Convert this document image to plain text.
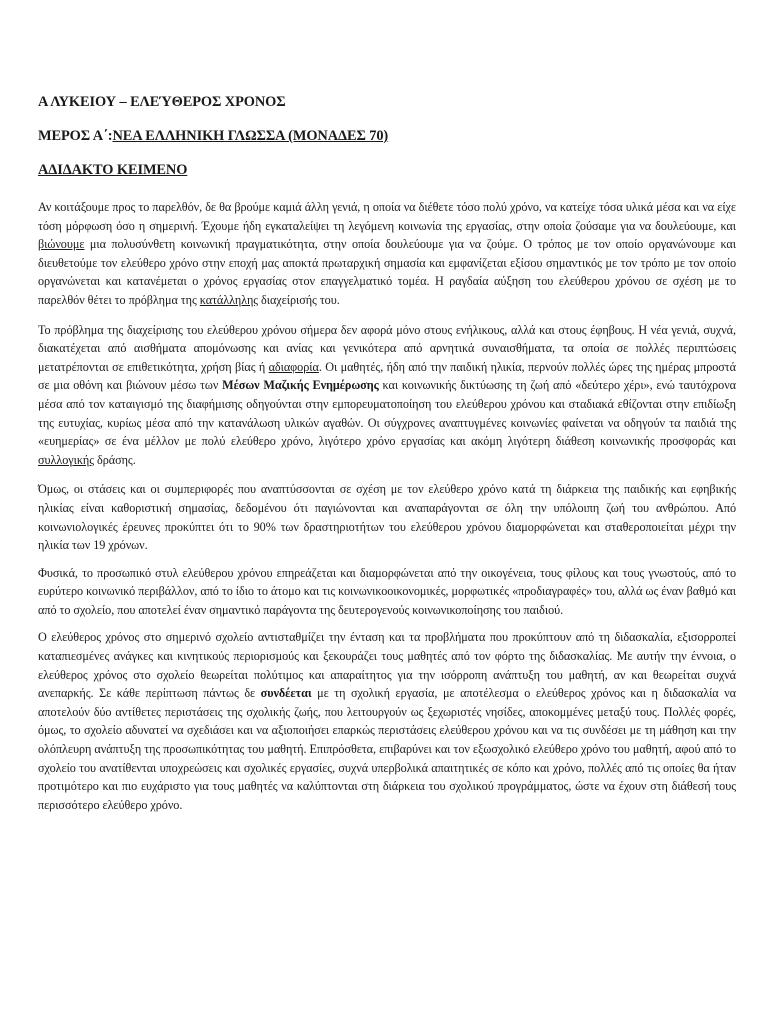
Α ΛΥΚΕΙΟΥ – ΕΛΕΎΘΕΡΟΣ ΧΡΟΝΟΣ
ΜΕΡΟΣ Α΄:ΝΕΑ ΕΛΛΗΝΙΚΗ ΓΛΩΣΣΑ (ΜΟΝΑΔΕΣ 70)
ΑΔΙΔΑΚΤΟ ΚΕΙΜΕΝΟ

Αν κοιτάξουμε προς το παρελθόν, δε θα βρούμε καμιά άλλη γενιά, η οποία να διέθετε τόσο πολύ χρόνο, να κατείχε τόσα υλικά μέσα και να είχε τόση μόρφωση όσο η σημερινή. Έχουμε ήδη εγκαταλείψει τη λεγόμενη κοινωνία της εργασίας, στην οποία ζούσαμε για να δουλεύουμε, και βιώνουμε μια πολυσύνθετη κοινωνική πραγματικότητα, στην οποία δουλεύουμε για να ζούμε. Ο τρόπος με τον οποίο οργανώνουμε και διευθετούμε τον ελεύθερο χρόνο στην εποχή μας αποκτά πρωταρχική σημασία και εμφανίζεται εξίσου σημαντικός με τον τρόπο με τον οποίο οργανώνεται και κατανέμεται ο χρόνος εργασίας στον επαγγελματικό τομέα. Η ραγδαία αύξηση του ελεύθερου χρόνου σε σχέση με το παρελθόν θέτει το πρόβλημα της κατάλληλης διαχείρισής του.

Το πρόβλημα της διαχείρισης του ελεύθερου χρόνου σήμερα δεν αφορά μόνο στους ενήλικους, αλλά και στους έφηβους. Η νέα γενιά, συχνά, διακατέχεται από αισθήματα απομόνωσης και ανίας και γενικότερα από αρνητικά συναισθήματα, τα οποία σε πολλές περιπτώσεις μετατρέπονται σε επιθετικότητα, χρήση βίας ή αδιαφορία. Οι μαθητές, ήδη από την παιδική ηλικία, περνούν πολλές ώρες της ημέρας μπροστά σε μια οθόνη και βιώνουν μέσω των Μέσων Μαζικής Ενημέρωσης και κοινωνικής δικτύωσης τη ζωή από «δεύτερο χέρι», ενώ ταυτόχρονα μέσα από τον καταιγισμό της διαφήμισης οδηγούνται στην εμπορευματοποίηση του ελεύθερου χρόνου και σταδιακά εθίζονται στην επιδίωξη της ευτυχίας, κυρίως μέσα από την κατανάλωση υλικών αγαθών. Οι σύγχρονες αναπτυγμένες κοινωνίες φαίνεται να οδηγούν τα παιδιά της «ευημερίας» σε ένα μέλλον με πολύ ελεύθερο χρόνο, λιγότερο χρόνο εργασίας και ακόμη λιγότερη διάθεση κοινωνικής προσφοράς και συλλογικής δράσης.

Όμως, οι στάσεις και οι συμπεριφορές που αναπτύσσονται σε σχέση με τον ελεύθερο χρόνο κατά τη διάρκεια της παιδικής και εφηβικής ηλικίας είναι καθοριστική σημασίας, δεδομένου ότι παγιώνονται και αναπαράγονται σε όλη την υπόλοιπη ζωή του ανθρώπου. Από κοινωνιολογικές έρευνες προκύπτει ότι το 90% των δραστηριοτήτων του ελεύθερου χρόνου διαμορφώνεται και σταθεροποιείται μέχρι την ηλικία των 19 χρόνων.

Φυσικά, το προσωπικό στυλ ελεύθερου χρόνου επηρεάζεται και διαμορφώνεται από την οικογένεια, τους φίλους και τους γνωστούς, από το ευρύτερο κοινωνικό περιβάλλον, από το ίδιο το άτομο και τις κοινωνικοοικονομικές, μορφωτικές «προδιαγραφές» του, αλλά ως έναν βαθμό και από το σχολείο, που αποτελεί έναν σημαντικό παράγοντα της δευτερογενούς κοινωνικοποίησης του παιδιού.

Ο ελεύθερος χρόνος στο σημερινό σχολείο αντισταθμίζει την ένταση και τα προβλήματα που προκύπτουν από τη διδασκαλία, εξισορροπεί καταπιεσμένες ανάγκες και κινητικούς περιορισμούς και ξεκουράζει τους μαθητές από τον φόρτο της διδασκαλίας. Με αυτήν την έννοια, ο ελεύθερος χρόνος στο σχολείο θεωρείται πολύτιμος και απαραίτητος για την ισόρροπη ανάπτυξη του μαθητή, αν και θεωρείται συχνά ανεπαρκής. Σε κάθε περίπτωση πάντως δε συνδέεται με τη σχολική εργασία, με αποτέλεσμα ο ελεύθερος χρόνος και η διδασκαλία να αποτελούν δύο αντίθετες περιστάσεις της σχολικής ζωής, που λειτουργούν ως ξεχωριστές νησίδες, αποκομμένες μεταξύ τους. Πολλές φορές, όμως, το σχολείο αδυνατεί να σχεδιάσει και να αξιοποιήσει επαρκώς περιστάσεις ελεύθερου χρόνου και να τις συνδέσει με τη μάθηση και την ολόπλευρη ανάπτυξη της προσωπικότητας του μαθητή. Επιπρόσθετα, επιβαρύνει και τον εξωσχολικό ελεύθερο χρόνο του μαθητή, αφού από το σχολείο του ανατίθενται υποχρεώσεις και σχολικές εργασίες, συχνά υπερβολικά απαιτητικές σε κόπο και χρόνο, πολλές από τις οποίες θα ήταν προτιμότερο και πιο ευχάριστο για τους μαθητές να καλύπτονται στη διάρκεια του σχολικού προγράμματος, ώστε να έχουν στη διάθεσή τους περισσότερο ελεύθερο χρόνο.
